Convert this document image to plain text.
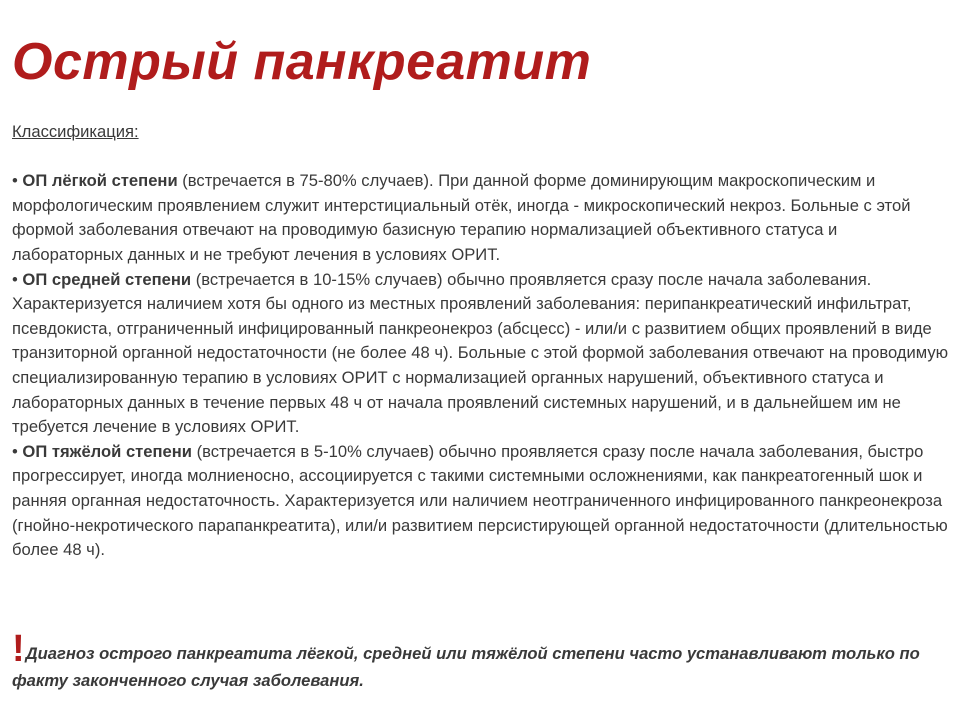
Острый панкреатит

Классификация:

• ОП лёгкой степени (встречается в 75-80% случаев). При данной форме доминирующим макроскопическим и морфологическим проявлением служит интерстициальный отёк, иногда - микроскопический некроз. Больные с этой формой заболевания отвечают на проводимую базисную терапию нормализацией объективного статуса и лабораторных данных и не требуют лечения в условиях ОРИТ.

• ОП средней степени (встречается в 10-15% случаев) обычно проявляется сразу после начала заболевания. Характеризуется наличием хотя бы одного из местных проявлений заболевания: перипанкреатический инфильтрат, псевдокиста, отграниченный инфицированный панкреонекроз (абсцесс) - или/и с развитием общих проявлений в виде транзиторной органной недостаточности (не более 48 ч). Больные с этой формой заболевания отвечают на проводимую специализированную терапию в условиях ОРИТ с нормализацией органных нарушений, объективного статуса и лабораторных данных в течение первых 48 ч от начала проявлений системных нарушений, и в дальнейшем им не требуется лечение в условиях ОРИТ.

• ОП тяжёлой степени (встречается в 5-10% случаев) обычно проявляется сразу после начала заболевания, быстро прогрессирует, иногда молниеносно, ассоциируется с такими системными осложнениями, как панкреатогенный шок и ранняя органная недостаточность. Характеризуется или наличием неотграниченного инфицированного панкреонекроза (гнойно-некротического парапанкреатита), или/и развитием персистирующей органной недостаточности (длительностью более 48 ч).

!Диагноз острого панкреатита лёгкой, средней или тяжёлой степени часто устанавливают только по факту законченного случая заболевания.
